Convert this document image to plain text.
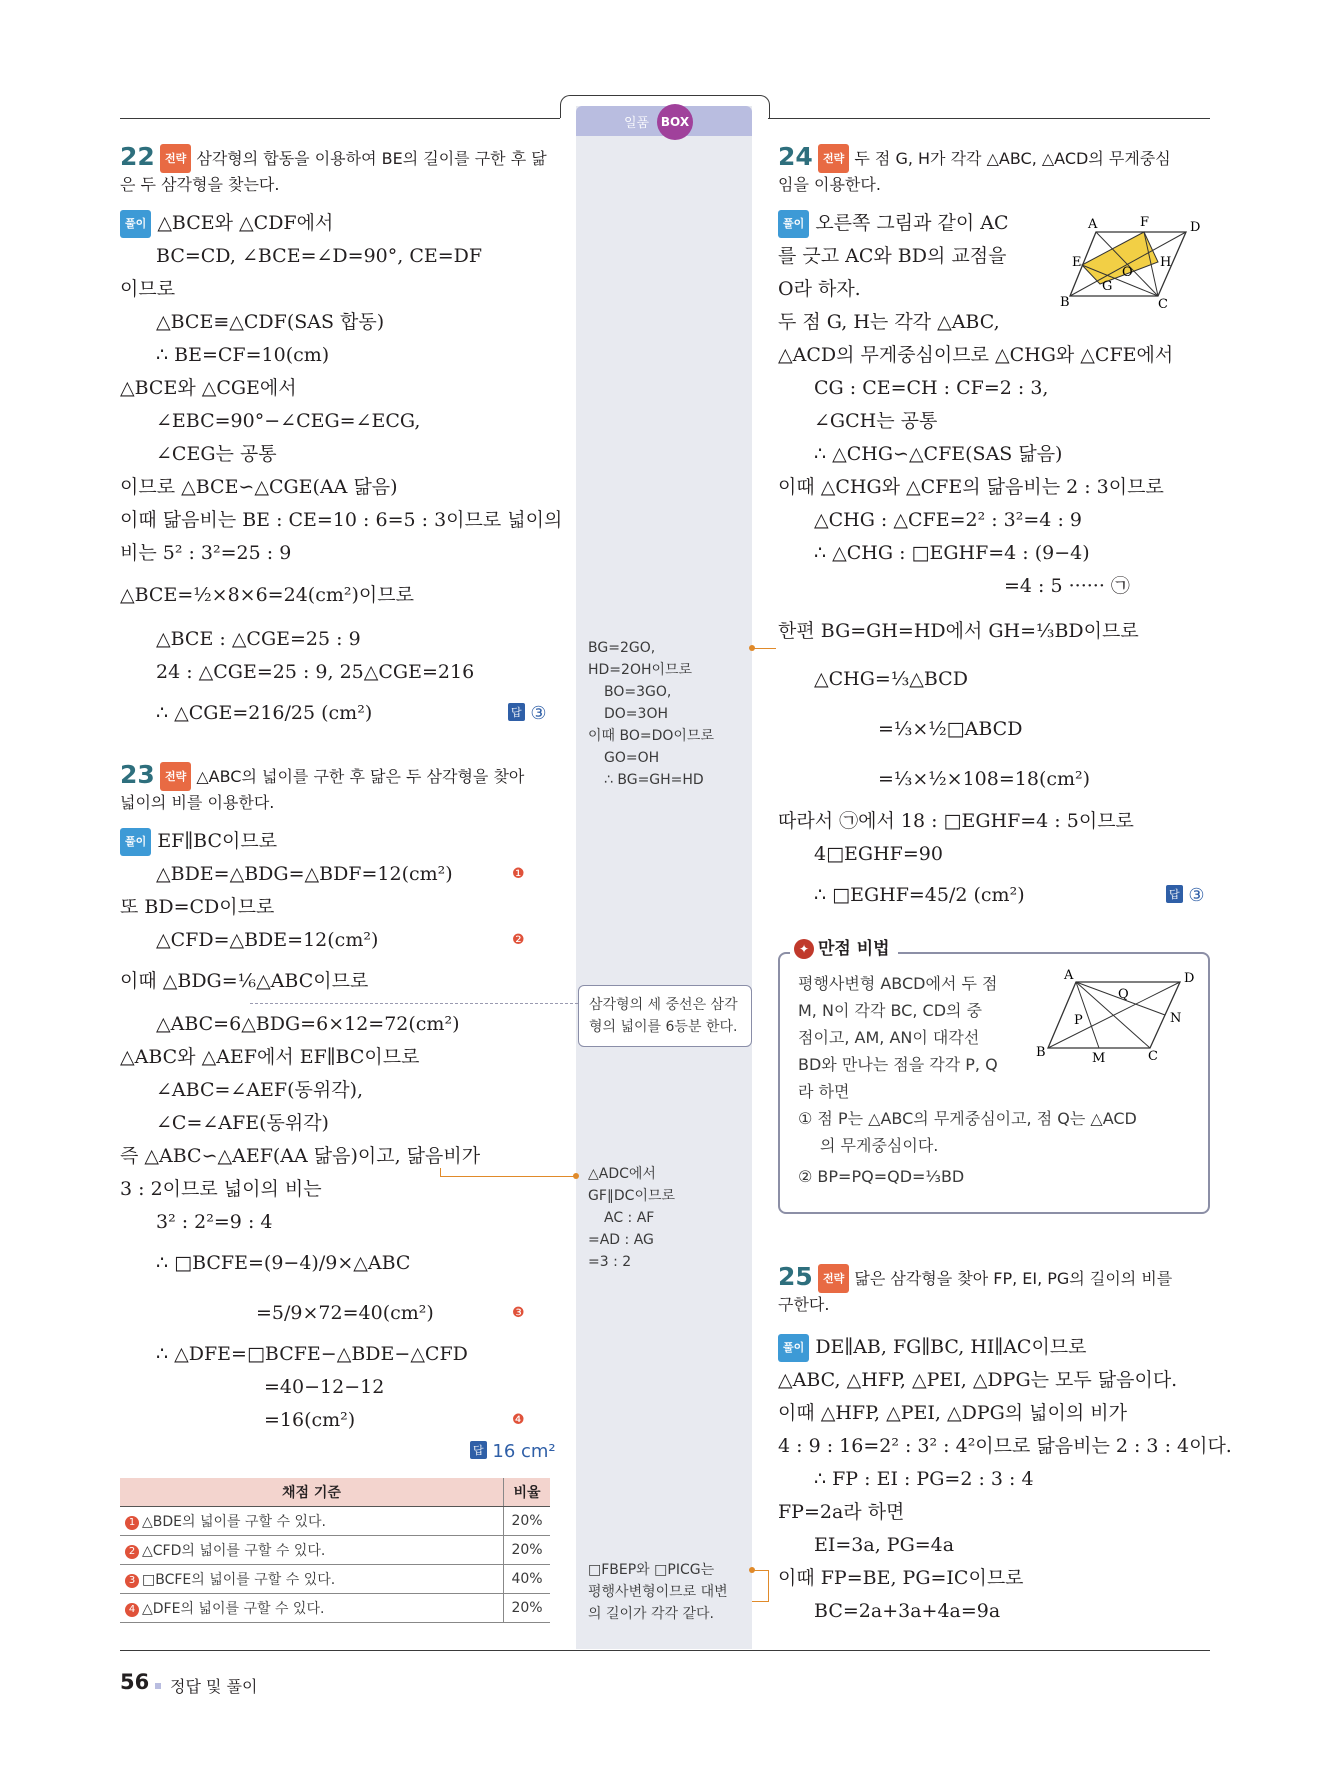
일품 BOX
22 전략 삼각형의 합동을 이용하여 BE의 길이를 구한 후 닮
은 두 삼각형을 찾는다.
풀이 △BCE와 △CDF에서
BC=CD, ∠BCE=∠D=90°, CE=DF
이므로
△BCE≡△CDF(SAS 합동)
∴ BE=CF=10(cm)
△BCE와 △CGE에서
∠EBC=90°−∠CEG=∠ECG,
∠CEG는 공통
이므로 △BCE∽△CGE(AA 닮음)
이때 닮음비는 BE : CE=10 : 6=5 : 3이므로 넓이의
비는 5² : 3²=25 : 9
△BCE=½×8×6=24(cm²)이므로
△BCE : △CGE=25 : 9
24 : △CGE=25 : 9, 25△CGE=216
∴ △CGE=216/25 (cm²)	답 ③
23 전략 △ABC의 넓이를 구한 후 닮은 두 삼각형을 찾아
넓이의 비를 이용한다.
풀이 EF∥BC이므로
△BDE=△BDG=△BDF=12(cm²)	❶
또 BD=CD이므로
△CFD=△BDE=12(cm²)	❷
이때 △BDG=⅙△ABC이므로
△ABC=6△BDG=6×12=72(cm²)
△ABC와 △AEF에서 EF∥BC이므로
∠ABC=∠AEF(동위각),
∠C=∠AFE(동위각)
즉 △ABC∽△AEF(AA 닮음)이고, 닮음비가
3 : 2이므로 넓이의 비는
3² : 2²=9 : 4
∴ □BCFE=(9−4)/9×△ABC
=5/9×72=40(cm²)	❸
∴ △DFE=□BCFE−△BDE−△CFD
=40−12−12
=16(cm²)	❹
답 16 cm²
채점 기준	비율
1 △BDE의 넓이를 구할 수 있다.	20%
2 △CFD의 넓이를 구할 수 있다.	20%
3 □BCFE의 넓이를 구할 수 있다.	40%
4 △DFE의 넓이를 구할 수 있다.	20%
BG=2GO,
HD=2OH이므로
BO=3GO,
DO=3OH
이때 BO=DO이므로
GO=OH
∴ BG=GH=HD
삼각형의 세 중선은 삼각
형의 넓이를 6등분 한다.
△ADC에서
GF∥DC이므로
AC : AF
=AD : AG
=3 : 2
□FBEP와 □PICG는
평행사변형이므로 대변
의 길이가 각각 같다.
24 전략 두 점 G, H가 각각 △ABC, △ACD의 무게중심
임을 이용한다.
풀이 오른쪽 그림과 같이 AC
를 긋고 AC와 BD의 교점을
O라 하자.
두 점 G, H는 각각 △ABC,
△ACD의 무게중심이므로 △CHG와 △CFE에서
CG : CE=CH : CF=2 : 3,
∠GCH는 공통
∴ △CHG∽△CFE(SAS 닮음)
이때 △CHG와 △CFE의 닮음비는 2 : 3이므로
△CHG : △CFE=2² : 3²=4 : 9
∴ △CHG : □EGHF=4 : (9−4)
=4 : 5 ······ ㉠
한편 BG=GH=HD에서 GH=⅓BD이므로
△CHG=⅓△BCD
=⅓×½□ABCD
=⅓×½×108=18(cm²)
따라서 ㉠에서 18 : □EGHF=4 : 5이므로
4□EGHF=90
∴ □EGHF=45/2 (cm²)	답 ③
A	F	D
E	H
O
G
B	C
✦ 만점 비법
평행사변형 ABCD에서 두 점
M, N이 각각 BC, CD의 중
점이고, AM, AN이 대각선
BD와 만나는 점을 각각 P, Q
라 하면
① 점 P는 △ABC의 무게중심이고, 점 Q는 △ACD
의 무게중심이다.
② BP=PQ=QD=⅓BD
A	D
Q
N
P
B	M	C
25 전략 닮은 삼각형을 찾아 FP, EI, PG의 길이의 비를
구한다.
풀이 DE∥AB, FG∥BC, HI∥AC이므로
△ABC, △HFP, △PEI, △DPG는 모두 닮음이다.
이때 △HFP, △PEI, △DPG의 넓이의 비가
4 : 9 : 16=2² : 3² : 4²이므로 닮음비는 2 : 3 : 4이다.
∴ FP : EI : PG=2 : 3 : 4
FP=2a라 하면
EI=3a, PG=4a
이때 FP=BE, PG=IC이므로
BC=2a+3a+4a=9a
56 정답 및 풀이
